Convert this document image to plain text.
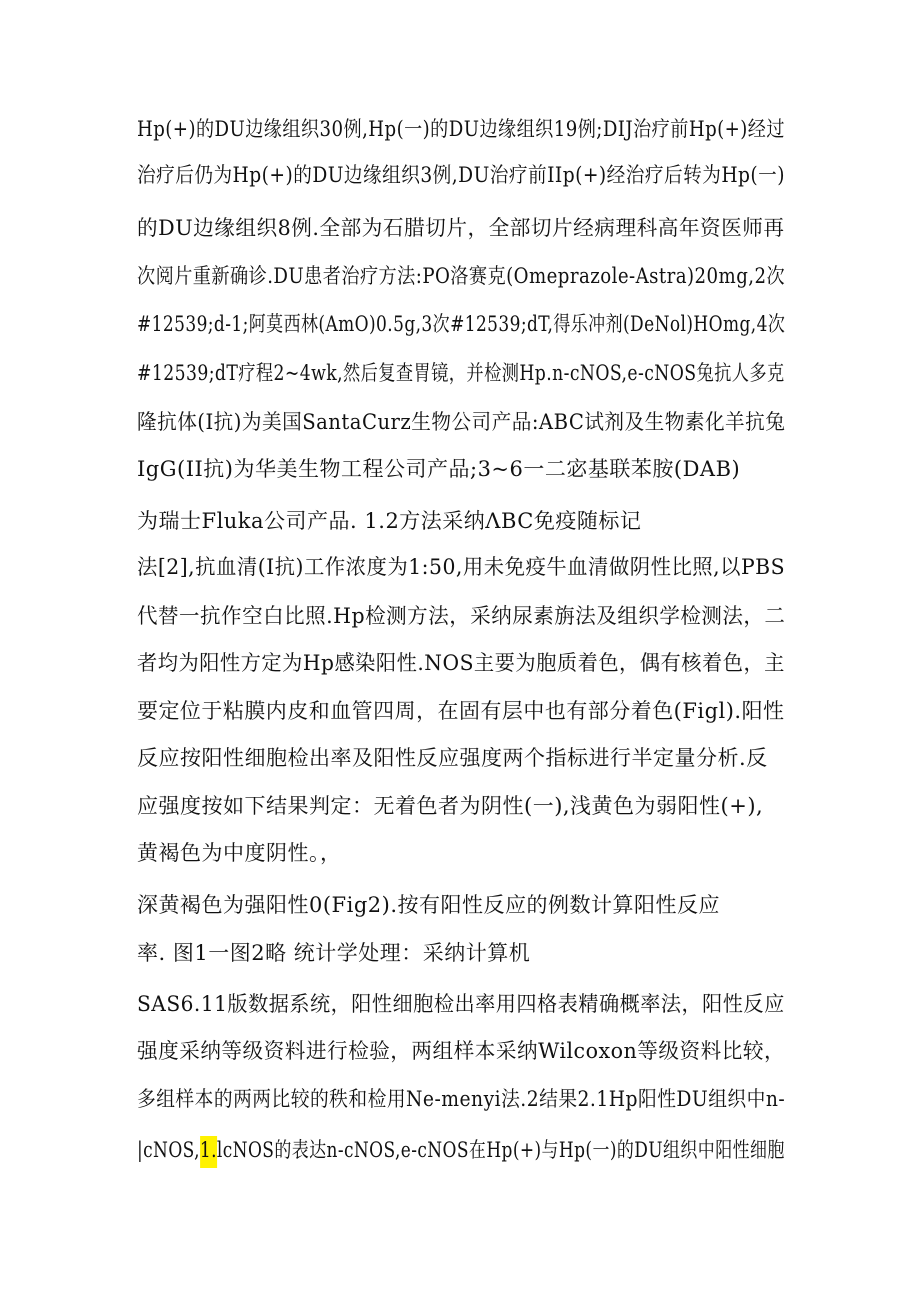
Hp(+)的DU边缘组织30例,Hp(一)的DU边缘组织19例;DIJ治疗前Hp(+)经过
治疗后仍为Hp(+)的DU边缘组织3例,DU治疗前IIp(+)经治疗后转为Hp(一)
的DU边缘组织8例.全部为石腊切片，全部切片经病理科高年资医师再
次阅片重新确诊.DU患者治疗方法:PO洛赛克(Omeprazole-Astra)20mg,2次
#12539;d-1;阿莫西林(AmO)0.5g,3次#12539;dT,得乐冲剂(DeNol)HOmg,4次
#12539;dT疗程2~4wk,然后复查胃镜，并检测Hp.n-cNOS,e-cNOS兔抗人多克
隆抗体(I抗)为美国SantaCurz生物公司产品:ABC试剂及生物素化羊抗兔
IgG(II抗)为华美生物工程公司产品;3~6一二宓基联苯胺(DAB)
为瑞士Fluka公司产品. 1.2方法采纳ΛBC免疫随标记
法[2],抗血清(I抗)工作浓度为1:50,用未免疫牛血清做阴性比照,以PBS
代替一抗作空白比照.Hp检测方法，采纳尿素旃法及组织学检测法，二
者均为阳性方定为Hp感染阳性.NOS主要为胞质着色，偶有核着色，主
要定位于粘膜内皮和血管四周，在固有层中也有部分着色(Figl).阳性
反应按阳性细胞检出率及阳性反应强度两个指标进行半定量分析.反
应强度按如下结果判定：无着色者为阴性(一),浅黄色为弱阳性(+),
黄褐色为中度阴性。，
深黄褐色为强阳性0(Fig2).按有阳性反应的例数计算阳性反应
率. 图1一图2略 统计学处理：采纳计算机
SAS6.11版数据系统，阳性细胞检出率用四格表精确概率法，阳性反应
强度采纳等级资料进行检验，两组样本采纳Wilcoxon等级资料比较，
多组样本的两两比较的秩和检用Ne-menyi法.2结果2.1Hp阳性DU组织中n-
|cNOS,1.lcNOS的表达n-cNOS,e-cNOS在Hp(+)与Hp(一)的DU组织中阳性细胞
